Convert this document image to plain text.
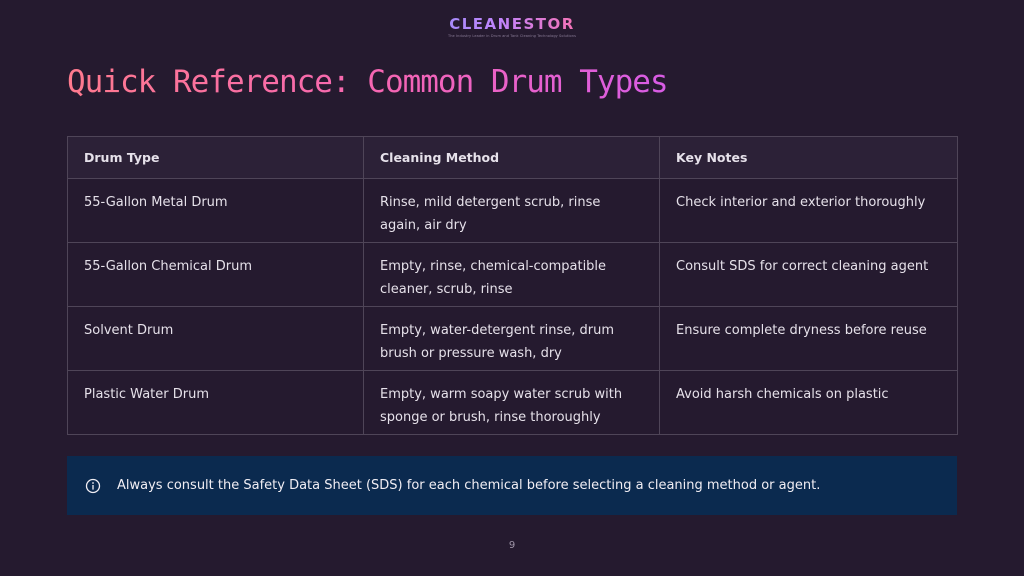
CLEANESTOR
The Industry Leader in Drum and Tank Cleaning Technology Solutions
Quick Reference: Common Drum Types
Drum Type	Cleaning Method	Key Notes
55-Gallon Metal Drum	Rinse, mild detergent scrub, rinse again, air dry	Check interior and exterior thoroughly
55-Gallon Chemical Drum	Empty, rinse, chemical-compatible cleaner, scrub, rinse	Consult SDS for correct cleaning agent
Solvent Drum	Empty, water-detergent rinse, drum brush or pressure wash, dry	Ensure complete dryness before reuse
Plastic Water Drum	Empty, warm soapy water scrub with sponge or brush, rinse thoroughly	Avoid harsh chemicals on plastic
Always consult the Safety Data Sheet (SDS) for each chemical before selecting a cleaning method or agent.
9
